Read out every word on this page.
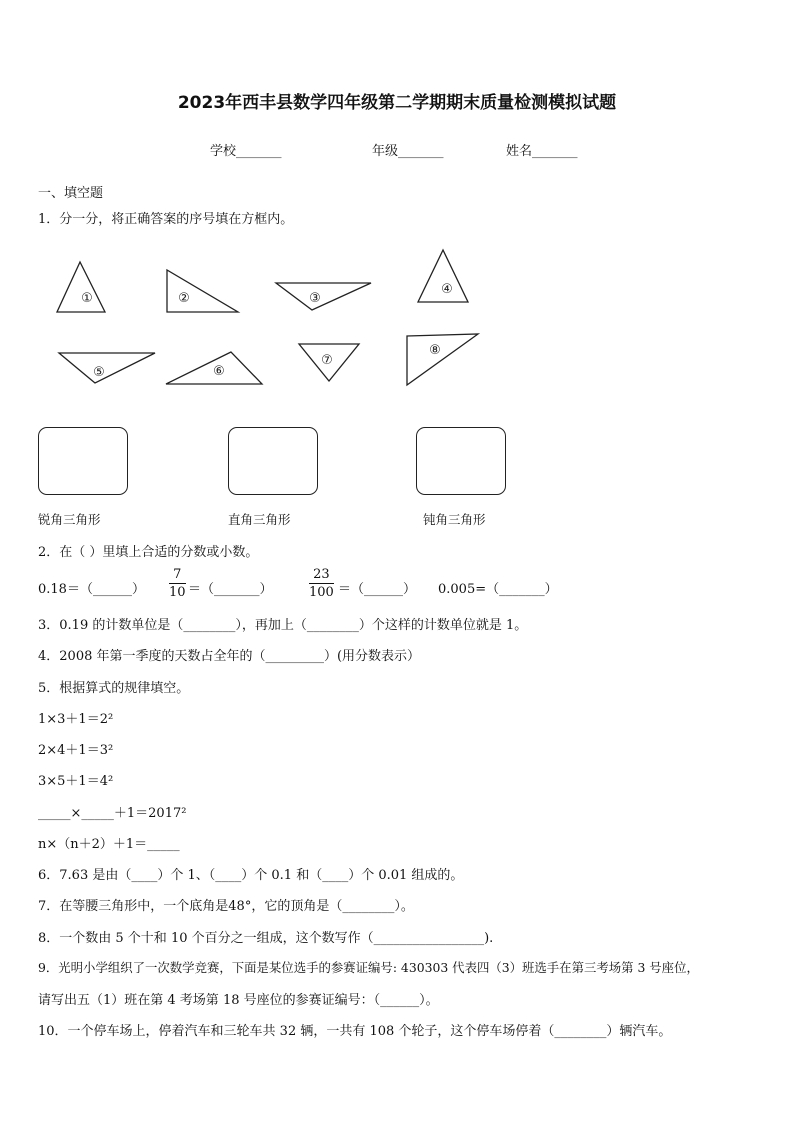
2023年西丰县数学四年级第二学期期末质量检测模拟试题
学校_______	年级_______	姓名_______
一、填空题
1．分一分，将正确答案的序号填在方框内。
①	②	③
④
⑤	⑥
⑦
⑧
锐角三角形	直角三角形	钝角三角形
2．在（ ）里填上合适的分数或小数。
0.18＝（______）
7
10 ＝（_______）
23
100 ＝（______） 0.005=（_______）
3．0.19 的计数单位是（________），再加上（________）个这样的计数单位就是 1。
4．2008 年第一季度的天数占全年的（_________）(用分数表示）
5．根据算式的规律填空。
1×3＋1＝2²
2×4＋1＝3²
3×5＋1＝4²
_____×_____＋1＝2017²
n×（n＋2）＋1＝_____
6．7.63 是由（____）个 1、（____）个 0.1 和（____）个 0.01 组成的。
7．在等腰三角形中，一个底角是48°，它的顶角是（________）。
8．一个数由 5 个十和 10 个百分之一组成，这个数写作（_________________).
9．光明小学组织了一次数学竞赛，下面是某位选手的参赛证编号: 430303 代表四（3）班选手在第三考场第 3 号座位，
请写出五（1）班在第 4 考场第 18 号座位的参赛证编号：（______）。
10．一个停车场上，停着汽车和三轮车共 32 辆，一共有 108 个轮子，这个停车场停着（________）辆汽车。
